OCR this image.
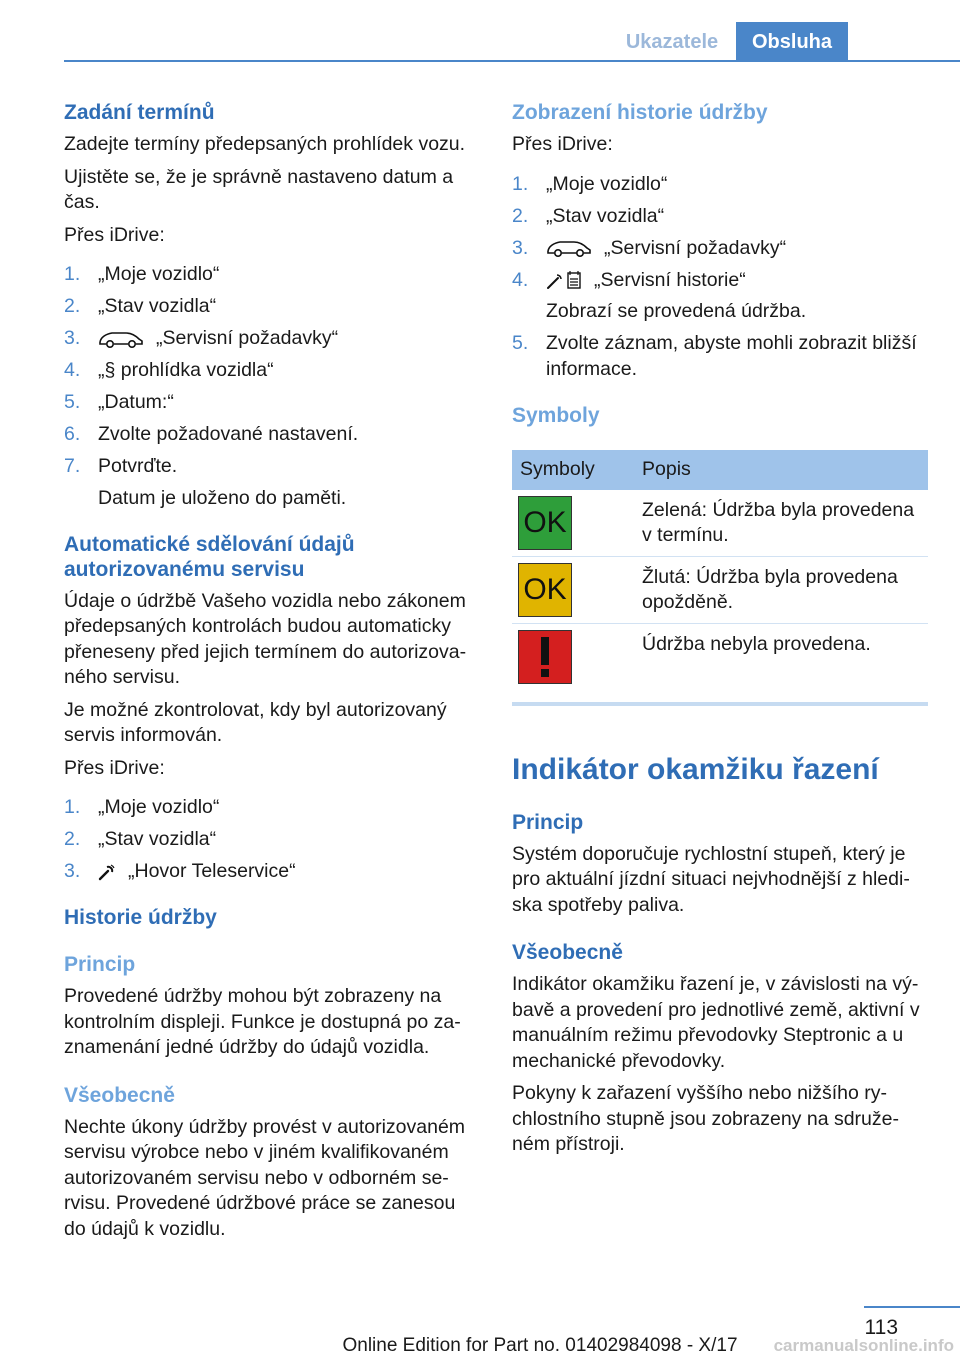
Ukazatele	Obsluha
Zadání termínů

Zadejte termíny předepsaných prohlídek vozu.

Ujistěte se, že je správně nastaveno datum a čas.

Přes iDrive:

1. „Moje vozidlo“
2. „Stav vozidla“
3.	„Servisní požadavky“
4. „§ prohlídka vozidla“
5. „Datum:“
6. Zvolte požadované nastavení.
7. Potvrďte.
Datum je uloženo do paměti.
Automatické sdělování údajů autorizovanému servisu

Údaje o údržbě Vašeho vozidla nebo zákonem předepsaných kontrolách budou automaticky přeneseny před jejich termínem do autorizova‐ ného servisu.

Je možné zkontrolovat, kdy byl autorizovaný servis informován.

Přes iDrive:

1. „Moje vozidlo“
2. „Stav vozidla“
3. „Hovor Teleservice“
Historie údržby
Princip

Provedené údržby mohou být zobrazeny na kontrolním displeji. Funkce je dostupná po za‐ znamenání jedné údržby do údajů vozidla.

Všeobecně

Nechte úkony údržby provést v autorizovaném servisu výrobce nebo v jiném kvalifikovaném autorizovaném servisu nebo v odborném se‐ rvisu. Provedené údržbové práce se zanesou do údajů k vozidlu.

Zobrazení historie údržby

Přes iDrive:

1. „Moje vozidlo“
2. „Stav vozidla“
3.	„Servisní požadavky“
4.	„Servisní historie“
Zobrazí se provedená údržba.
5. Zvolte záznam, abyste mohli zobrazit bližší informace.
Symboly
Symboly	Popis

OK	Zelená: Údržba byla provedena v termínu.

OK	Žlutá: Údržba byla provedena opožděně.

	Údržba nebyla provedena.
Indikátor okamžiku řazení
Princip

Systém doporučuje rychlostní stupeň, který je pro aktuální jízdní situaci nejvhodnější z hledi‐ ska spotřeby paliva.

Všeobecně

Indikátor okamžiku řazení je, v závislosti na vý‐ bavě a provedení pro jednotlivé země, aktivní v manuálním režimu převodovky Steptronic a u mechanické převodovky.

Pokyny k zařazení vyššího nebo nižšího ry‐ chlostního stupně jsou zobrazeny na sdruže‐ ném přístroji.

113
Online Edition for Part no. 01402984098 - X/17	carmanualsonline.info
